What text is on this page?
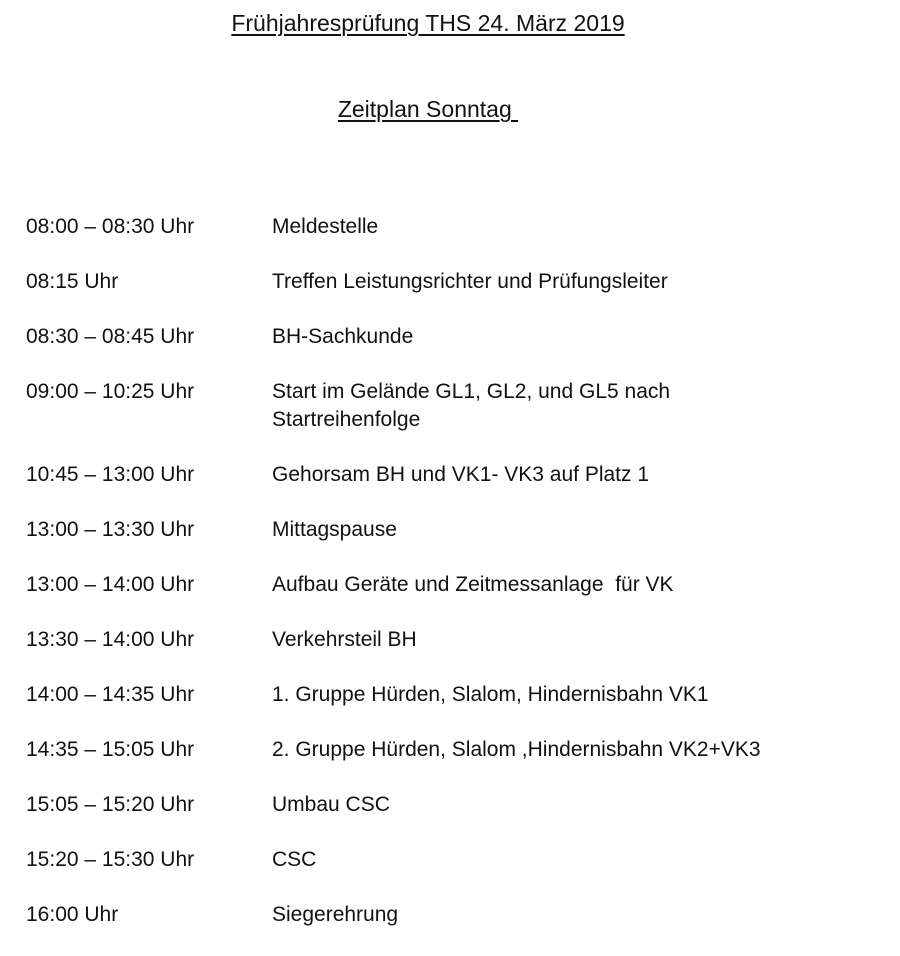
Frühjahresprüfung THS 24. März 2019
Zeitplan Sonntag
08:00 – 08:30 Uhr	Meldestelle
08:15 Uhr	Treffen Leistungsrichter und Prüfungsleiter
08:30 – 08:45 Uhr	BH-Sachkunde
09:00 – 10:25 Uhr	Start im Gelände GL1, GL2, und GL5 nach
Startreihenfolge
10:45 – 13:00 Uhr	Gehorsam BH und VK1- VK3 auf Platz 1
13:00 – 13:30 Uhr	Mittagspause
13:00 – 14:00 Uhr	Aufbau Geräte und Zeitmessanlage  für VK
13:30 – 14:00 Uhr	Verkehrsteil BH
14:00 – 14:35 Uhr	1. Gruppe Hürden, Slalom, Hindernisbahn VK1
14:35 – 15:05 Uhr	2. Gruppe Hürden, Slalom ,Hindernisbahn VK2+VK3
15:05 – 15:20 Uhr	Umbau CSC
15:20 – 15:30 Uhr	CSC
16:00 Uhr	Siegerehrung
